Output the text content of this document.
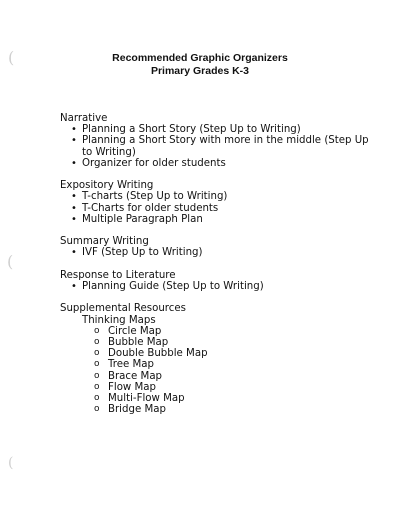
(
(
(
Recommended Graphic Organizers
Primary Grades K-3
Narrative
• Planning a Short Story (Step Up to Writing)
• Planning a Short Story with more in the middle (Step Up to Writing)
• Organizer for older students
Expository Writing
• T-charts (Step Up to Writing)
• T-Charts for older students
• Multiple Paragraph Plan
Summary Writing
• IVF (Step Up to Writing)
Response to Literature
• Planning Guide (Step Up to Writing)
Supplemental Resources
Thinking Maps
o Circle Map
o Bubble Map
o Double Bubble Map
o Tree Map
o Brace Map
o Flow Map
o Multi-Flow Map
o Bridge Map
